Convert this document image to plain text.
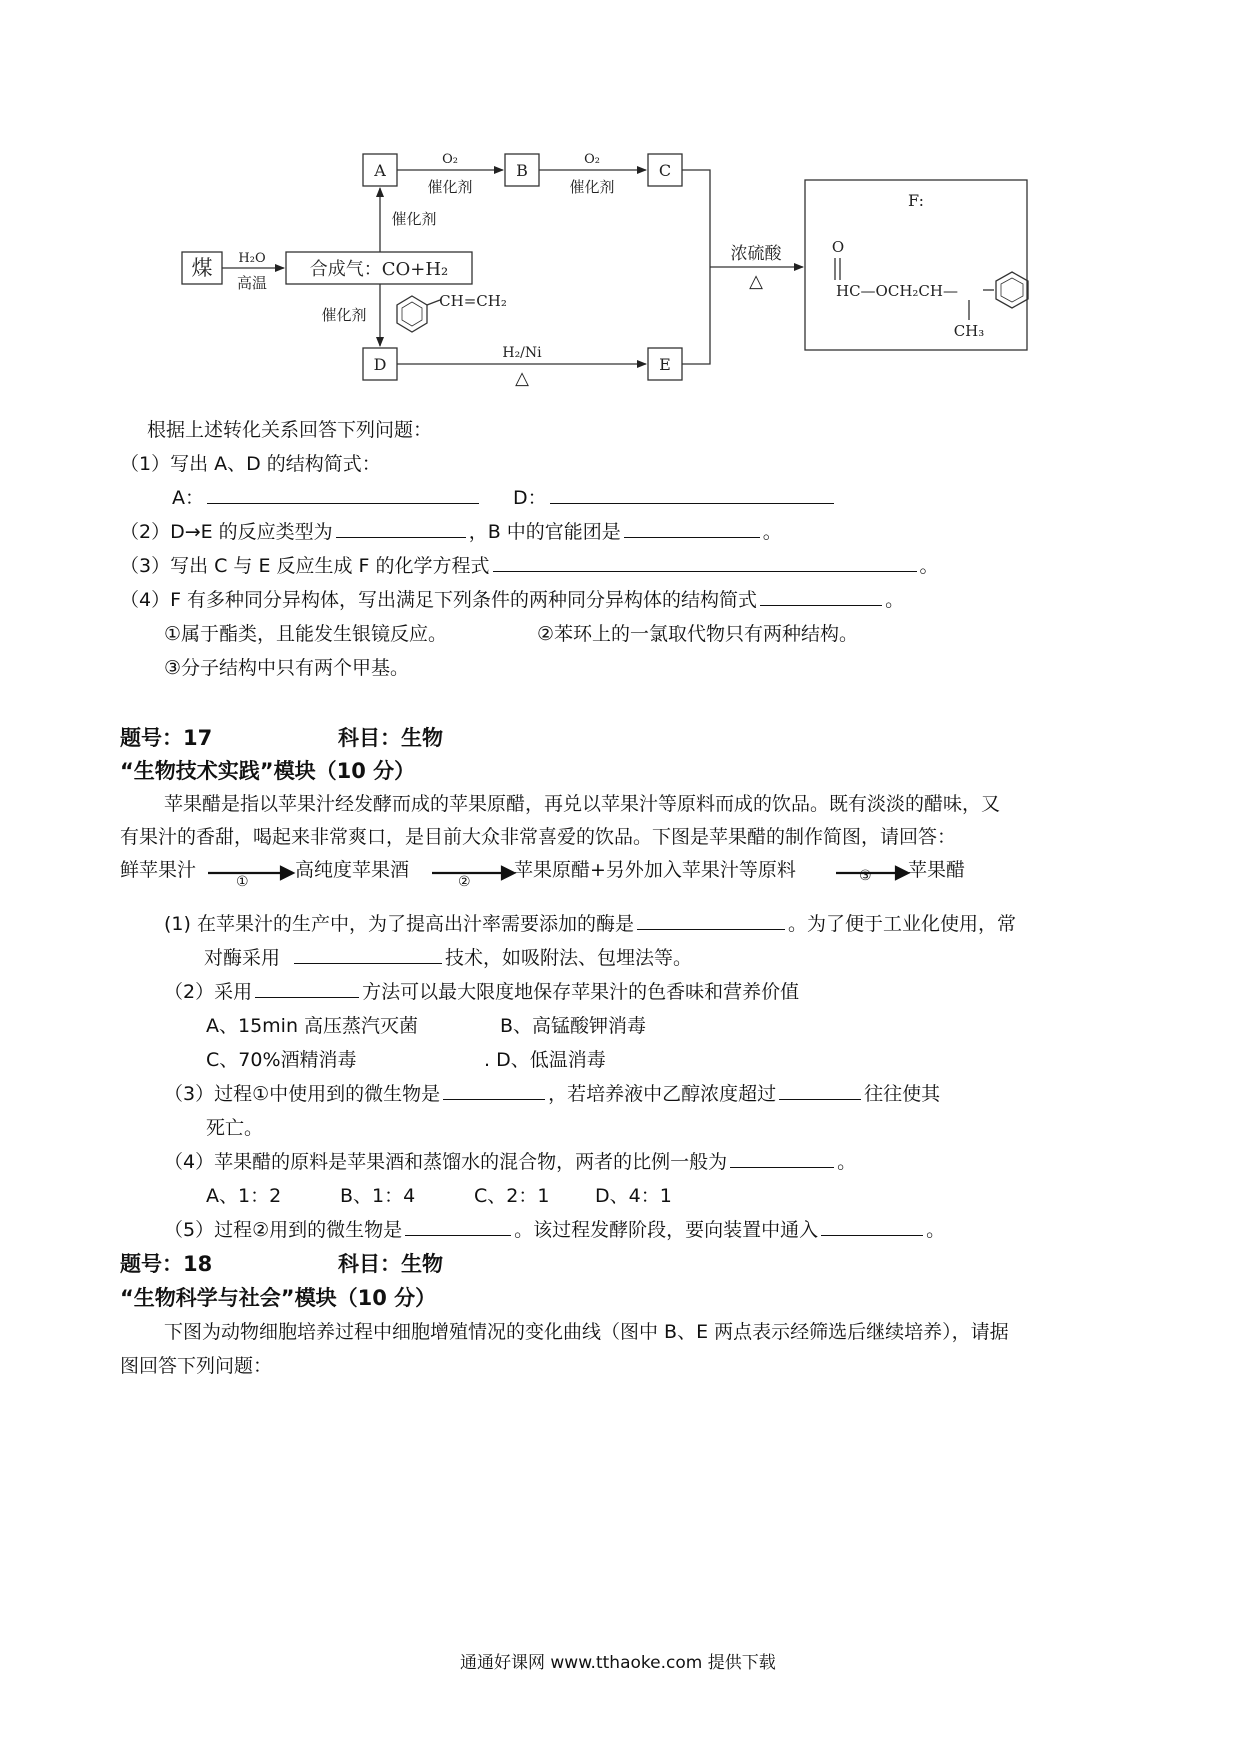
A	B	C
煤	合成气：CO+H₂
D	E
F:
O₂
催化剂
O₂
催化剂
催化剂
H₂O
高温
催化剂
CH=CH₂
H₂/Ni
△
浓硫酸
△
O
HC—OCH₂CH—
CH₃
根据上述转化关系回答下列问题：
（1）写出 A、D 的结构简式：
A：	D：
（2）D→E 的反应类型为	，B 中的官能团是	。
（3）写出 C 与 E 反应生成 F 的化学方程式	。
（4）F 有多种同分异构体，写出满足下列条件的两种同分异构体的结构简式	。
①属于酯类，且能发生银镜反应。	②苯环上的一氯取代物只有两种结构。
③分子结构中只有两个甲基。
题号：17	科目：生物
“生物技术实践”模块（10 分）
苹果醋是指以苹果汁经发酵而成的苹果原醋，再兑以苹果汁等原料而成的饮品。既有淡淡的醋味，又
有果汁的香甜，喝起来非常爽口，是目前大众非常喜爱的饮品。下图是苹果醋的制作简图，请回答：
鲜苹果汁	高纯度苹果酒	苹果原醋+另外加入苹果汁等原料	苹果醋
①	②	③
(1) 在苹果汁的生产中，为了提高出汁率需要添加的酶是	。为了便于工业化使用，常
对酶采用	技术，如吸附法、包埋法等。
（2）采用	方法可以最大限度地保存苹果汁的色香味和营养价值
A、15min 高压蒸汽灭菌	B、高锰酸钾消毒
C、70%酒精消毒	. D、低温消毒
（3）过程①中使用到的微生物是	，若培养液中乙醇浓度超过	往往使其
死亡。
（4）苹果醋的原料是苹果酒和蒸馏水的混合物，两者的比例一般为	。
A、1：2	B、1：4	C、2：1 D、4：1
（5）过程②用到的微生物是	。该过程发酵阶段，要向装置中通入	。
题号：18	科目：生物
“生物科学与社会”模块（10 分）
下图为动物细胞培养过程中细胞增殖情况的变化曲线（图中 B、E 两点表示经筛选后继续培养），请据
图回答下列问题：
通通好课网 www.tthaoke.com 提供下载
